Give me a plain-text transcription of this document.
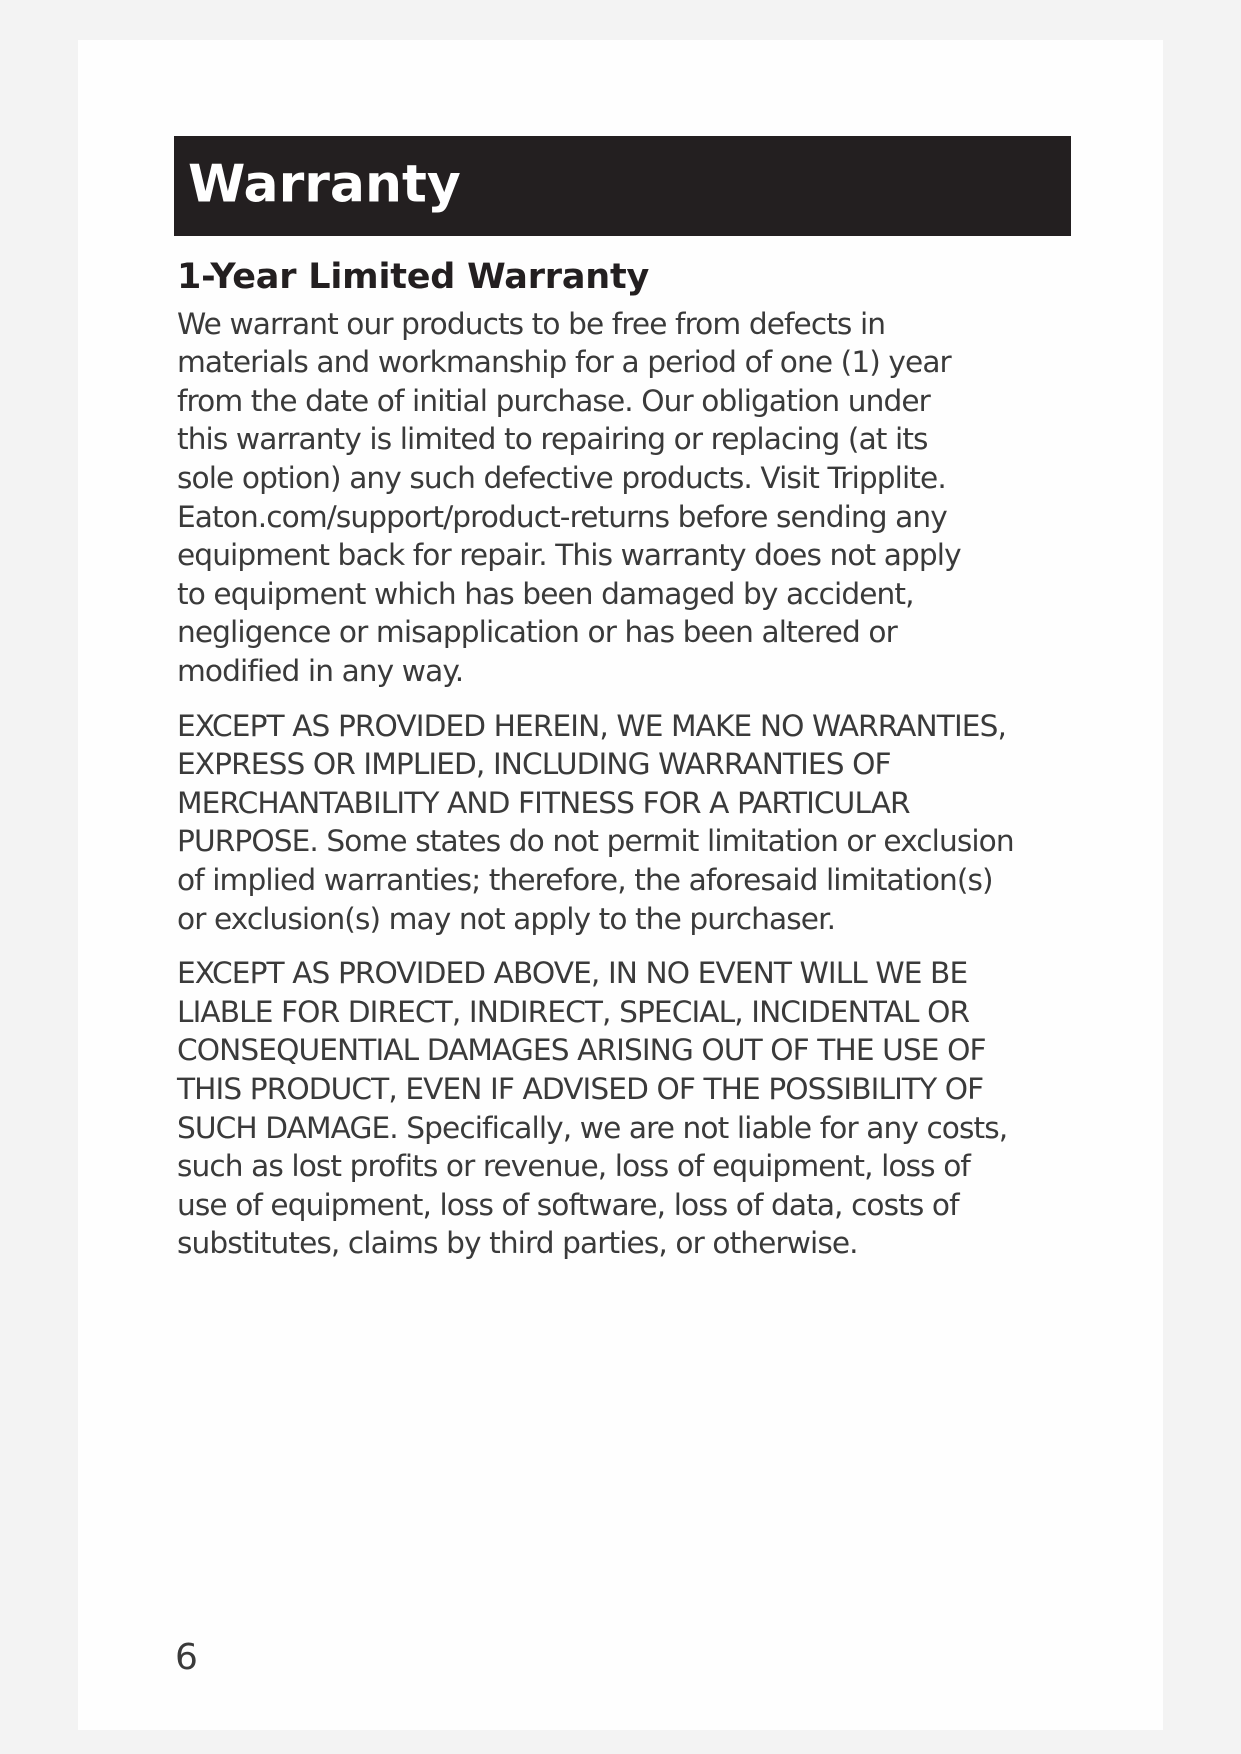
Warranty
1-Year Limited Warranty

We warrant our products to be free from defects in
materials and workmanship for a period of one (1) year
from the date of initial purchase. Our obligation under
this warranty is limited to repairing or replacing (at its
sole option) any such defective products. Visit Tripplite.
Eaton.com/support/product-returns before sending any
equipment back for repair. This warranty does not apply
to equipment which has been damaged by accident,
negligence or misapplication or has been altered or
modified in any way.

EXCEPT AS PROVIDED HEREIN, WE MAKE NO WARRANTIES,
EXPRESS OR IMPLIED, INCLUDING WARRANTIES OF
MERCHANTABILITY AND FITNESS FOR A PARTICULAR
PURPOSE. Some states do not permit limitation or exclusion
of implied warranties; therefore, the aforesaid limitation(s)
or exclusion(s) may not apply to the purchaser.

EXCEPT AS PROVIDED ABOVE, IN NO EVENT WILL WE BE
LIABLE FOR DIRECT, INDIRECT, SPECIAL, INCIDENTAL OR
CONSEQUENTIAL DAMAGES ARISING OUT OF THE USE OF
THIS PRODUCT, EVEN IF ADVISED OF THE POSSIBILITY OF
SUCH DAMAGE. Specifically, we are not liable for any costs,
such as lost profits or revenue, loss of equipment, loss of
use of equipment, loss of software, loss of data, costs of
substitutes, claims by third parties, or otherwise.

6
